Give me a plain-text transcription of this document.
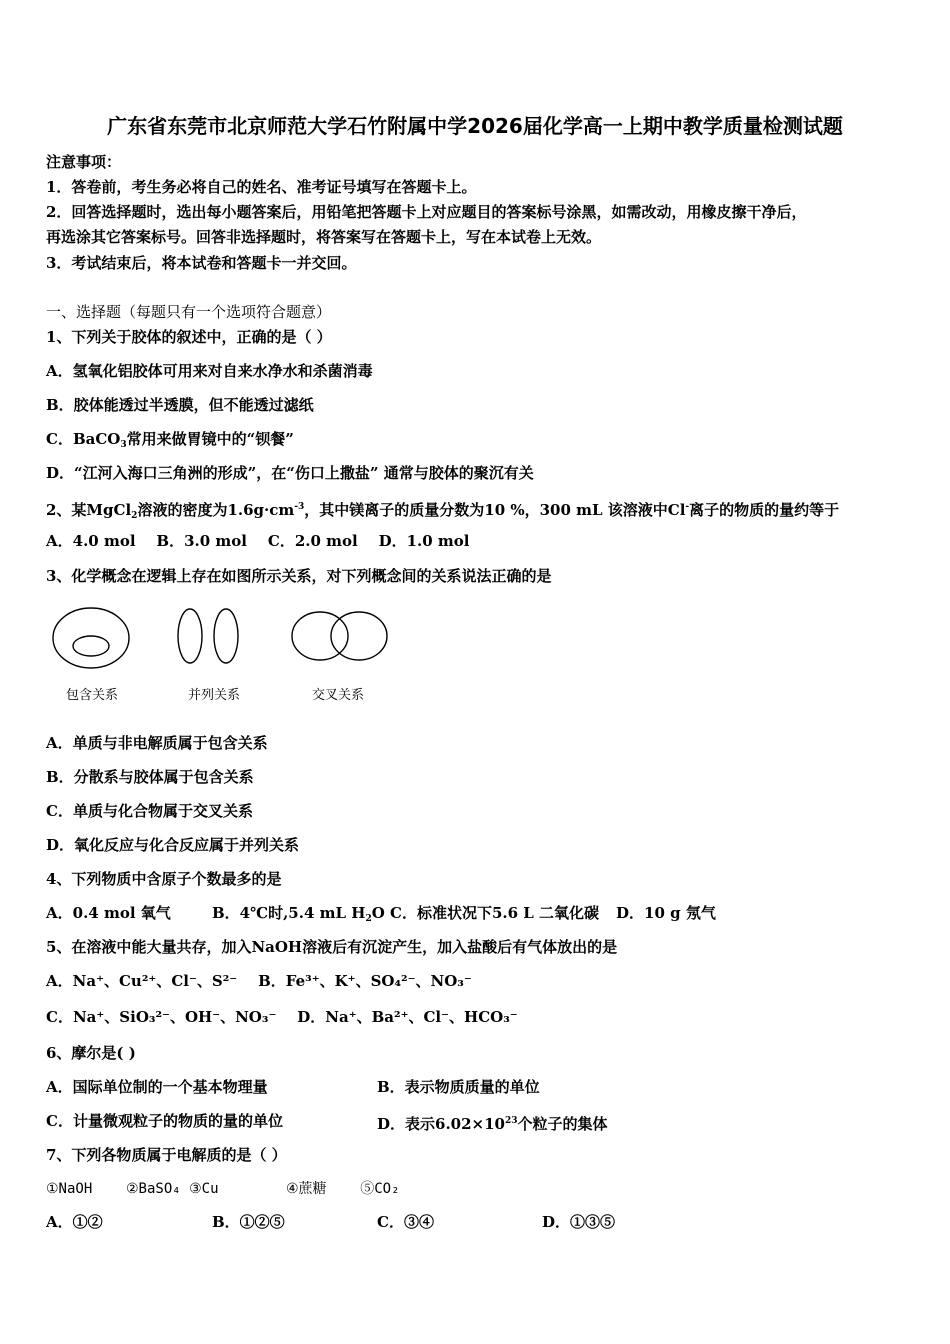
广东省东莞市北京师范大学石竹附属中学2026届化学高一上期中教学质量检测试题
注意事项：
1．答卷前，考生务必将自己的姓名、准考证号填写在答题卡上。
2．回答选择题时，选出每小题答案后，用铅笔把答题卡上对应题目的答案标号涂黑，如需改动，用橡皮擦干净后，
再选涂其它答案标号。回答非选择题时，将答案写在答题卡上，写在本试卷上无效。
3．考试结束后，将本试卷和答题卡一并交回。
一、选择题（每题只有一个选项符合题意）
1、下列关于胶体的叙述中，正确的是（ ）
A．氢氧化铝胶体可用来对自来水净水和杀菌消毒
B．胶体能透过半透膜，但不能透过滤纸
C．BaCO$_3$常用来做胃镜中的“钡餐”
D．“江河入海口三角洲的形成”，在“伤口上撒盐” 通常与胶体的聚沉有关
2、某MgCl$_2$溶液的密度为$1.6g\cdot cm^{-3}$，其中镁离子的质量分数为10 %，300 mL 该溶液中Cl-离子的物质的量约等于
A．4.0 mol    B．3.0 mol    C．2.0 mol    D．1.0 mol
3、化学概念在逻辑上存在如图所示关系，对下列概念间的关系说法正确的是
包含关系	并列关系	交叉关系
A．单质与非电解质属于包含关系
B．分散系与胶体属于包含关系
C．单质与化合物属于交叉关系
D．氧化反应与化合反应属于并列关系
4、下列物质中含原子个数最多的是
A．0.4 mol 氧气	B．4℃时,5.4 mL $H_2O$ C．标准状况下5.6 L 二氧化碳 D．10 g 氖气
5、在溶液中能大量共存，加入NaOH溶液后有沉淀产生，加入盐酸后有气体放出的是
A．Na⁺、Cu²⁺、Cl⁻、S²⁻    B．Fe³⁺、K⁺、SO₄²⁻、NO₃⁻
C．Na⁺、SiO₃²⁻、OH⁻、NO₃⁻    D．Na⁺、Ba²⁺、Cl⁻、HCO₃⁻
6、摩尔是( )
A．国际单位制的一个基本物理量	B．表示物质质量的单位
C．计量微观粒子的物质的量的单位	D．表示$6.02\times 10^{23}$个粒子的集体
7、下列各物质属于电解质的是（ ）
①NaOH    ②BaSO₄ ③Cu        ④蔗糖    ⑤CO₂
A．①②	B．①②⑤	C．③④	D．①③⑤
